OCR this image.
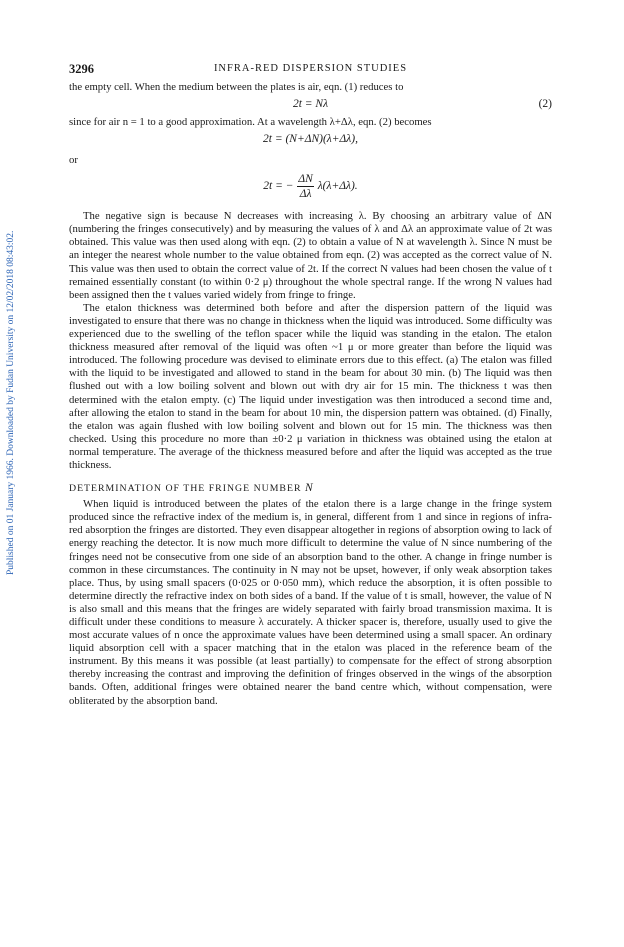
Published on 01 January 1966. Downloaded by Fudan University on 12/02/2018 08:43:02.
3296	INFRA-RED DISPERSION STUDIES

the empty cell. When the medium between the plates is air, eqn. (1) reduces to

2t = Nλ	(2)

since for air n = 1 to a good approximation. At a wavelength λ+Δλ, eqn. (2) becomes

2t = (N+ΔN)(λ+Δλ),
or
2t = − $\frac{\Delta N}{\Delta\lambda} \lambda(\lambda+\Delta\lambda)$.

The negative sign is because N decreases with increasing λ. By choosing an arbitrary value of ΔN (numbering the fringes consecutively) and by measuring the values of λ and Δλ an approximate value of 2t was obtained. This value was then used along with eqn. (2) to obtain a value of N at wavelength λ. Since N must be an integer the nearest whole number to the value obtained from eqn. (2) was accepted as the correct value of N. This value was then used to obtain the correct value of 2t. If the correct N values had been chosen the value of t remained essentially constant (to within 0·2 μ) throughout the whole spectral range. If the wrong N values had been assigned then the t values varied widely from fringe to fringe.

The etalon thickness was determined both before and after the dispersion pattern of the liquid was investigated to ensure that there was no change in thickness when the liquid was introduced. Some difficulty was experienced due to the swelling of the teflon spacer while the liquid was standing in the etalon. The etalon thickness measured after removal of the liquid was often ~1 μ or more greater than before the liquid was introduced. The following procedure was devised to eliminate errors due to this effect. (a) The etalon was filled with the liquid to be investigated and allowed to stand in the beam for about 30 min. (b) The liquid was then flushed out with a low boiling solvent and blown out with dry air for 15 min. The thickness t was then determined with the etalon empty. (c) The liquid under investigation was then introduced a second time and, after allowing the etalon to stand in the beam for about 10 min, the dispersion pattern was obtained. (d) Finally, the etalon was again flushed with low boiling solvent and blown out for 15 min. The thickness was then checked. Using this procedure no more than ±0·2 μ variation in thickness was obtained using the etalon at normal temperature. The average of the thickness measured before and after the liquid was accepted as the true thickness.

DETERMINATION OF THE FRINGE NUMBER N

When liquid is introduced between the plates of the etalon there is a large change in the fringe system produced since the refractive index of the medium is, in general, different from 1 and since in regions of infra-red absorption the fringes are distorted. They even disappear altogether in regions of absorption owing to lack of energy reaching the detector. It is now much more difficult to determine the value of N since numbering of the fringes need not be consecutive from one side of an absorption band to the other. A change in fringe number is common in these circumstances. The continuity in N may not be upset, however, if only weak absorption takes place. Thus, by using small spacers (0·025 or 0·050 mm), which reduce the absorption, it is often possible to determine directly the refractive index on both sides of a band. If the value of t is small, however, the value of N is also small and this means that the fringes are widely separated with fairly broad transmission maxima. It is difficult under these conditions to measure λ accurately. A thicker spacer is, therefore, usually used to give the most accurate values of n once the approximate values have been determined using a small spacer. An ordinary liquid absorption cell with a spacer matching that in the etalon was placed in the reference beam of the instrument. By this means it was possible (at least partially) to compensate for the effect of strong absorption thereby increasing the contrast and improving the definition of fringes observed in the wings of the absorption bands. Often, additional fringes were obtained nearer the band centre which, without compensation, were obliterated by the absorption band.
